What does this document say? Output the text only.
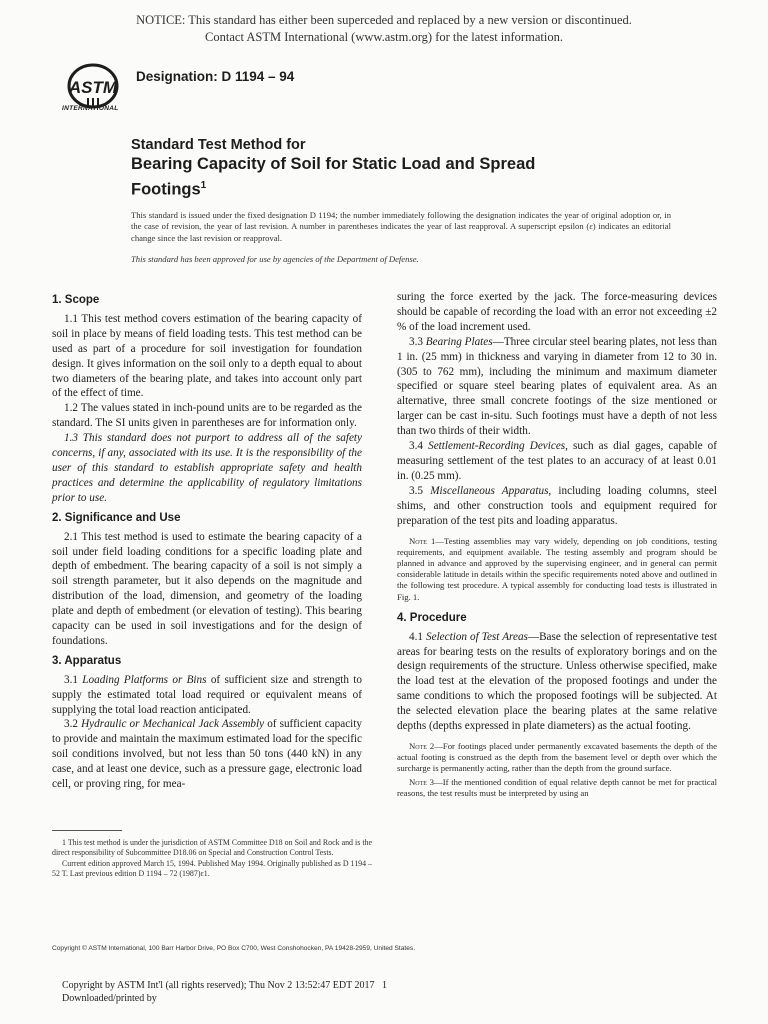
NOTICE: This standard has either been superceded and replaced by a new version or discontinued.
Contact ASTM International (www.astm.org) for the latest information.
ASTM
INTERNATIONAL
Designation: D 1194 – 94
Standard Test Method for
Bearing Capacity of Soil for Static Load and Spread
Footings$^1$
This standard is issued under the fixed designation D 1194; the number immediately following the designation indicates the year of original adoption or, in the case of revision, the year of last revision. A number in parentheses indicates the year of last reapproval. A superscript epsilon (ε) indicates an editorial change since the last revision or reapproval.
This standard has been approved for use by agencies of the Department of Defense.
1. Scope

1.1 This test method covers estimation of the bearing capacity of soil in place by means of field loading tests. This test method can be used as part of a procedure for soil investigation for foundation design. It gives information on the soil only to a depth equal to about two diameters of the bearing plate, and takes into account only part of the effect of time.

1.2 The values stated in inch-pound units are to be regarded as the standard. The SI units given in parentheses are for information only.

1.3 This standard does not purport to address all of the safety concerns, if any, associated with its use. It is the responsibility of the user of this standard to establish appropriate safety and health practices and determine the applicability of regulatory limitations prior to use.

2. Significance and Use

2.1 This test method is used to estimate the bearing capacity of a soil under field loading conditions for a specific loading plate and depth of embedment. The bearing capacity of a soil is not simply a soil strength parameter, but it also depends on the magnitude and distribution of the load, dimension, and geometry of the loading plate and depth of embedment (or elevation of testing). This bearing capacity can be used in soil investigations and for the design of foundations.

3. Apparatus

3.1 Loading Platforms or Bins of sufficient size and strength to supply the estimated total load required or equivalent means of supplying the total load reaction anticipated.

3.2 Hydraulic or Mechanical Jack Assembly of sufficient capacity to provide and maintain the maximum estimated load for the specific soil conditions involved, but not less than 50 tons (440 kN) in any case, and at least one device, such as a pressure gage, electronic load cell, or proving ring, for mea-

suring the force exerted by the jack. The force-measuring devices should be capable of recording the load with an error not exceeding ±2 % of the load increment used.

3.3 Bearing Plates—Three circular steel bearing plates, not less than 1 in. (25 mm) in thickness and varying in diameter from 12 to 30 in. (305 to 762 mm), including the minimum and maximum diameter specified or square steel bearing plates of equivalent area. As an alternative, three small concrete footings of the size mentioned or larger can be cast in-situ. Such footings must have a depth of not less than two thirds of their width.

3.4 Settlement-Recording Devices, such as dial gages, capable of measuring settlement of the test plates to an accuracy of at least 0.01 in. (0.25 mm).

3.5 Miscellaneous Apparatus, including loading columns, steel shims, and other construction tools and equipment required for preparation of the test pits and loading apparatus.

Note 1—Testing assemblies may vary widely, depending on job conditions, testing requirements, and equipment available. The testing assembly and program should be planned in advance and approved by the supervising engineer, and in general can permit considerable latitude in details within the specific requirements noted above and outlined in the following test procedure. A typical assembly for conducting load tests is illustrated in Fig. 1.

4. Procedure

4.1 Selection of Test Areas—Base the selection of representative test areas for bearing tests on the results of exploratory borings and on the design requirements of the structure. Unless otherwise specified, make the load test at the elevation of the proposed footings and under the same conditions to which the proposed footings will be subjected. At the selected elevation place the bearing plates at the same relative depths (depths expressed in plate diameters) as the actual footing.

Note 2—For footings placed under permanently excavated basements the depth of the actual footing is construed as the depth from the basement level or depth over which the surcharge is permanently acting, rather than the depth from the ground surface.

Note 3—If the mentioned condition of equal relative depth cannot be met for practical reasons, the test results must be interpreted by using an

1 This test method is under the jurisdiction of ASTM Committee D18 on Soil and Rock and is the direct responsibility of Subcommittee D18.06 on Special and Construction Control Tests.

Current edition approved March 15, 1994. Published May 1994. Originally published as D 1194 – 52 T. Last previous edition D 1194 – 72 (1987)ε1.

Copyright © ASTM International, 100 Barr Harbor Drive, PO Box C700, West Conshohocken, PA 19428-2959, United States.
Copyright by ASTM Int'l (all rights reserved); Thu Nov 2 13:52:47 EDT 2017
Downloaded/printed by
1
